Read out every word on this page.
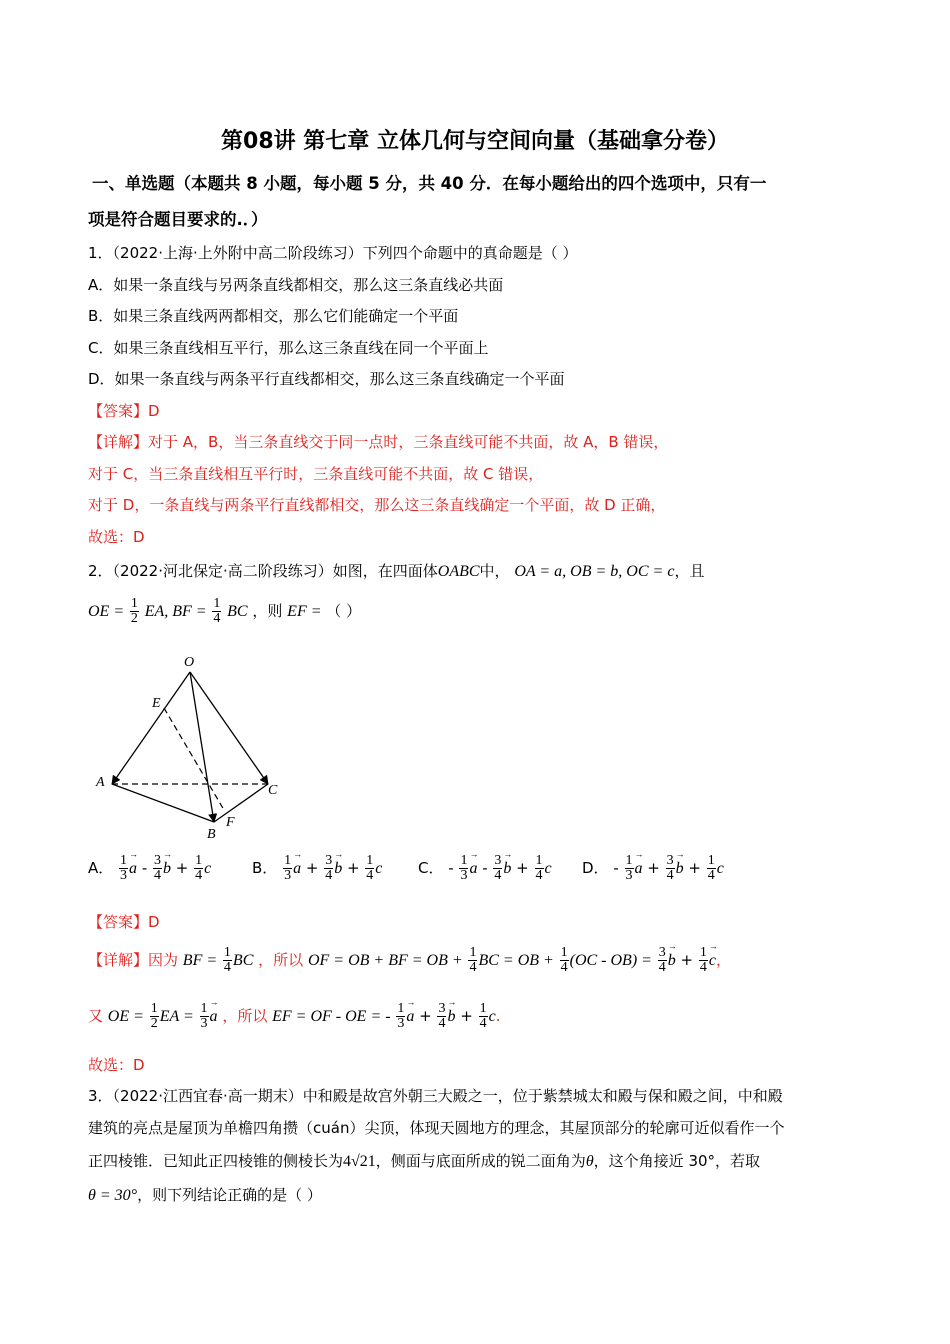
第08讲 第七章 立体几何与空间向量（基础拿分卷）
一、单选题（本题共 8 小题，每小题 5 分，共 40 分．在每小题给出的四个选项中，只有一
项是符合题目要求的.．）
1．（2022·上海·上外附中高二阶段练习）下列四个命题中的真命题是（ ）
A．如果一条直线与另两条直线都相交，那么这三条直线必共面
B．如果三条直线两两都相交，那么它们能确定一个平面
C．如果三条直线相互平行，那么这三条直线在同一个平面上
D．如果一条直线与两条平行直线都相交，那么这三条直线确定一个平面
【答案】D
【详解】对于 A，B，当三条直线交于同一点时，三条直线可能不共面，故 A，B 错误，
对于 C，当三条直线相互平行时，三条直线可能不共面，故 C 错误，
对于 D，一条直线与两条平行直线都相交，那么这三条直线确定一个平面，故 D 正确，
故选：D
2．（2022·河北保定·高二阶段练习）如图，在四面体OABC中， OA = a, OB = b, OC = c，且
OE = $\frac{1}{2}$ EA, BF = $\frac{1}{4}$ BC ，则 EF = （ ）
O
E
A
B
C
F
A． $\frac{1}{3}$
→ a - $\frac{3}{4}$
→ $b + \frac{1}{4}$ c	B． $\frac{1}{3}$
→ $a + \frac{3}{4}$
→ $b + \frac{1}{4}$ c C． - $\frac{1}{3}$
→ a - $\frac{3}{4}$
→ $b + \frac{1}{4}$ c D． - $\frac{1}{3}$
→ $a + \frac{3}{4}$
→ $b + \frac{1}{4}$ c
【答案】D
【详解】因为 BF = $\frac{1}{4}$ BC ，所以 OF = OB + BF = OB + $\frac{1}{4}$ BC = OB + $\frac{1}{4} (OC - OB) = \frac{3}{4}$
→ $b + \frac{1}{4}$
→ c，
又 OE = $\frac{1}{2}$ EA = $\frac{1}{3}$
→ a ，所以 EF = OF - OE = - $\frac{1}{3}$
→ $a + \frac{3}{4}$
→ $b + \frac{1}{4} c$.
故选：D
3．（2022·江西宜春·高一期末）中和殿是故宫外朝三大殿之一，位于紫禁城太和殿与保和殿之间，中和殿
建筑的亮点是屋顶为单檐四角攒（cuán）尖顶，体现天圆地方的理念，其屋顶部分的轮廓可近似看作一个
正四棱锥．已知此正四棱锥的侧棱长为4√21，侧面与底面所成的锐二面角为θ，这个角接近 30°，若取
θ = 30°，则下列结论正确的是（ ）
